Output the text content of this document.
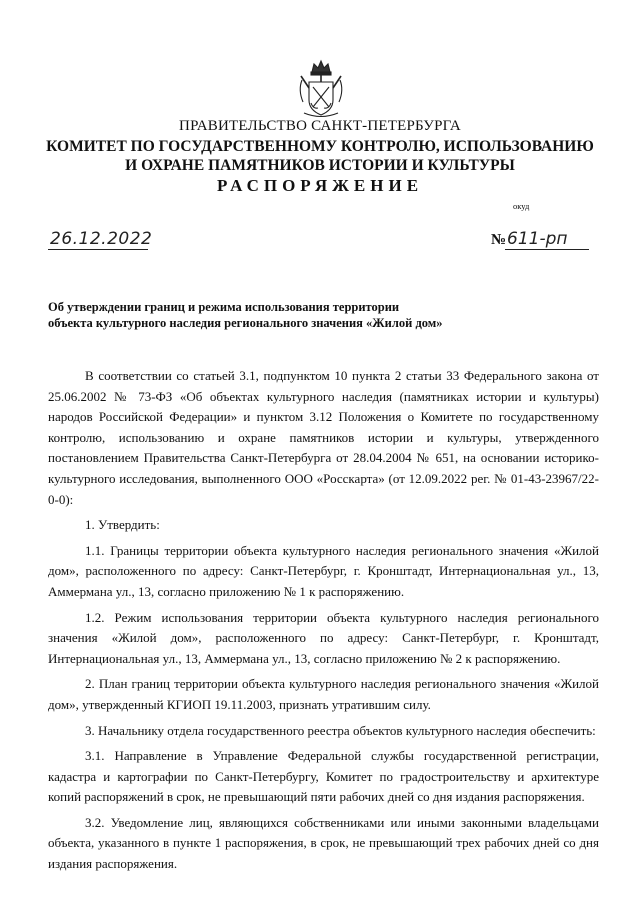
ПРАВИТЕЛЬСТВО САНКТ-ПЕТЕРБУРГА
КОМИТЕТ ПО ГОСУДАРСТВЕННОМУ КОНТРОЛЮ, ИСПОЛЬЗОВАНИЮ
И ОХРАНЕ ПАМЯТНИКОВ ИСТОРИИ И КУЛЬТУРЫ
РАСПОРЯЖЕНИЕ
окуд
26.12.2022	№ 611-рп
Об утверждении границ и режима использования территории
объекта культурного наследия регионального значения «Жилой дом»

В соответствии со статьей 3.1, подпунктом 10 пункта 2 статьи 33 Федерального закона от 25.06.2002 № 73-ФЗ «Об объектах культурного наследия (памятниках истории и культуры) народов Российской Федерации» и пунктом 3.12 Положения о Комитете по государственному контролю, использованию и охране памятников истории и культуры, утвержденного постановлением Правительства Санкт-Петербурга от 28.04.2004 № 651, на основании историко-культурного исследования, выполненного ООО «Росскарта» (от 12.09.2022 рег. № 01-43-23967/22-0-0):

1. Утвердить:

1.1. Границы территории объекта культурного наследия регионального значения «Жилой дом», расположенного по адресу: Санкт-Петербург, г. Кронштадт, Интернациональная ул., 13, Аммермана ул., 13, согласно приложению № 1 к распоряжению.

1.2. Режим использования территории объекта культурного наследия регионального значения «Жилой дом», расположенного по адресу: Санкт-Петербург, г. Кронштадт, Интернациональная ул., 13, Аммермана ул., 13, согласно приложению № 2 к распоряжению.

2. План границ территории объекта культурного наследия регионального значения «Жилой дом», утвержденный КГИОП 19.11.2003, признать утратившим силу.

3. Начальнику отдела государственного реестра объектов культурного наследия обеспечить:

3.1. Направление в Управление Федеральной службы государственной регистрации, кадастра и картографии по Санкт-Петербургу, Комитет по градостроительству и архитектуре копий распоряжений в срок, не превышающий пяти рабочих дней со дня издания распоряжения.

3.2. Уведомление лиц, являющихся собственниками или иными законными владельцами объекта, указанного в пункте 1 распоряжения, в срок, не превышающий трех рабочих дней со дня издания распоряжения.
